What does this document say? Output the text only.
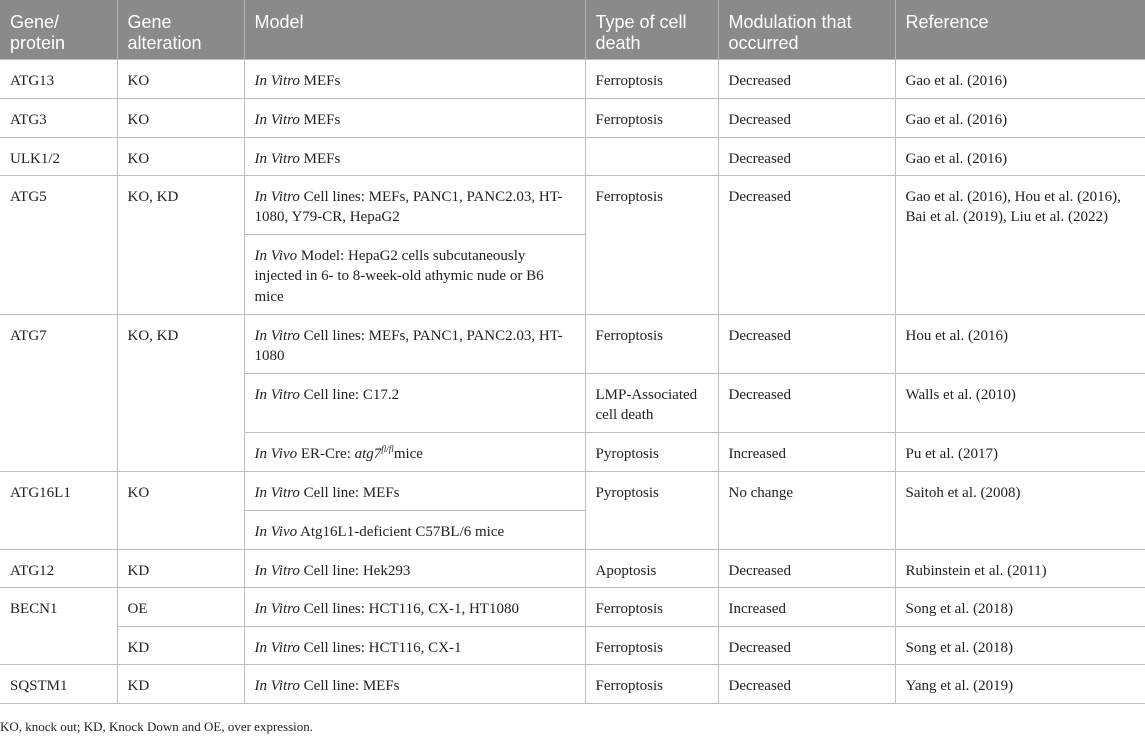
Gene/ protein	Gene alteration	Model	Type of cell death	Modulation that occurred	Reference
ATG13	KO	In Vitro MEFs	Ferroptosis	Decreased	Gao et al. (2016)
ATG3	KO	In Vitro MEFs	Ferroptosis	Decreased	Gao et al. (2016)
ULK1/2	KO	In Vitro MEFs		Decreased	Gao et al. (2016)
ATG5	KO, KD	In Vitro Cell lines: MEFs, PANC1, PANC2.03, HT-1080, Y79-CR, HepaG2	Ferroptosis	Decreased	Gao et al. (2016), Hou et al. (2016), Bai et al. (2019), Liu et al. (2022)
		In Vivo Model: HepaG2 cells subcutaneously injected in 6- to 8-week-old athymic nude or B6 mice			
ATG7	KO, KD	In Vitro Cell lines: MEFs, PANC1, PANC2.03, HT-1080	Ferroptosis	Decreased	Hou et al. (2016)
		In Vitro Cell line: C17.2	LMP-Associated cell death	Decreased	Walls et al. (2010)
		In Vivo ER-Cre: $atg7^{fl/fl}mice$	Pyroptosis	Increased	Pu et al. (2017)
ATG16L1	KO	In Vitro Cell line: MEFs	Pyroptosis	No change	Saitoh et al. (2008)
		In Vivo Atg16L1-deficient C57BL/6 mice			
ATG12	KD	In Vitro Cell line: Hek293	Apoptosis	Decreased	Rubinstein et al. (2011)
BECN1	OE	In Vitro Cell lines: HCT116, CX-1, HT1080	Ferroptosis	Increased	Song et al. (2018)
	KD	In Vitro Cell lines: HCT116, CX-1	Ferroptosis	Decreased	Song et al. (2018)
SQSTM1	KD	In Vitro Cell line: MEFs	Ferroptosis	Decreased	Yang et al. (2019)
KO, knock out; KD, Knock Down and OE, over expression.
